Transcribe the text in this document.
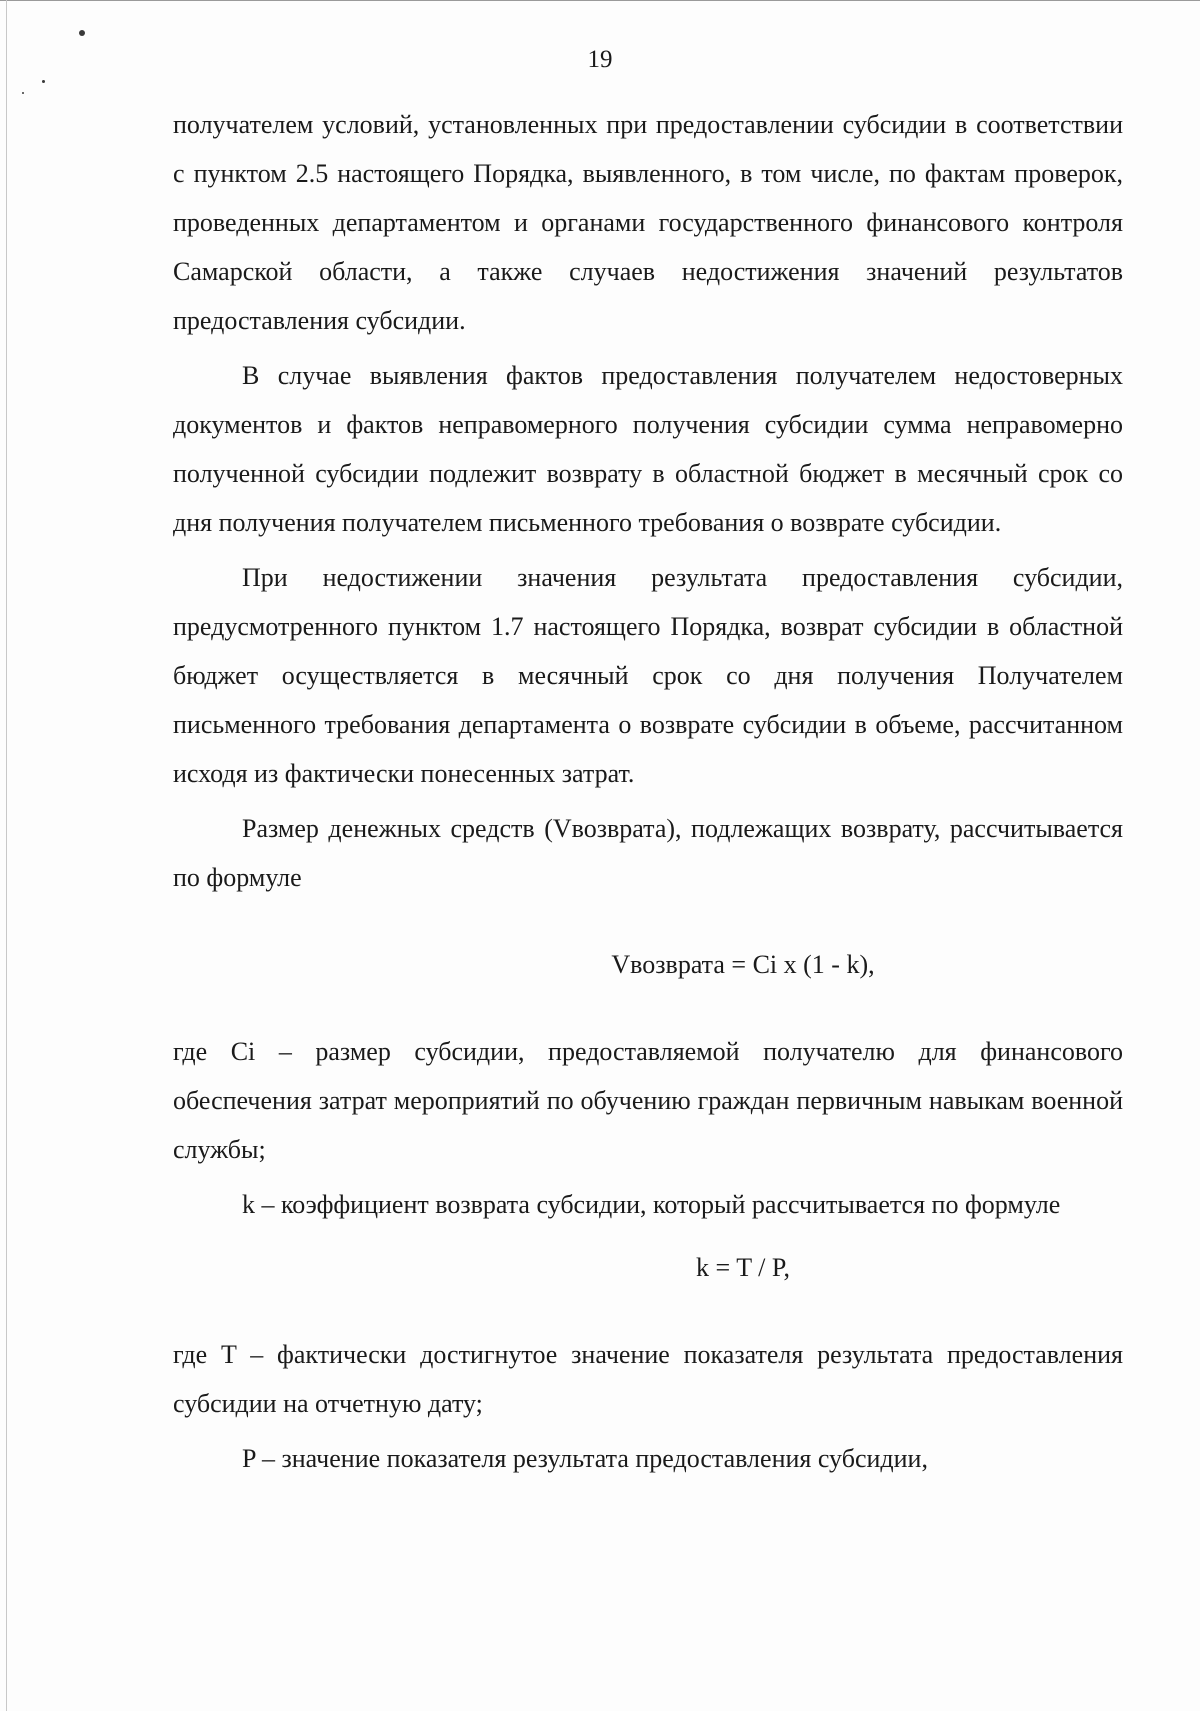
19

получателем условий, установленных при предоставлении субсидии в соответствии с пунктом 2.5 настоящего Порядка, выявленного, в том числе, по фактам проверок, проведенных департаментом и органами государственного финансового контроля Самарской области, а также случаев недостижения значений результатов предоставления субсидии.

В случае выявления фактов предоставления получателем недостоверных документов и фактов неправомерного получения субсидии сумма неправомерно полученной субсидии подлежит возврату в областной бюджет в месячный срок со дня получения получателем письменного требования о возврате субсидии.

При недостижении значения результата предоставления субсидии, предусмотренного пунктом 1.7 настоящего Порядка, возврат субсидии в областной бюджет осуществляется в месячный срок со дня получения Получателем письменного требования департамента о возврате субсидии в объеме, рассчитанном исходя из фактически понесенных затрат.

Размер денежных средств (Vвозврата), подлежащих возврату, рассчитывается по формуле

Vвозврата = Ci x (1 - k),

где Ci – размер субсидии, предоставляемой получателю для финансового обеспечения затрат мероприятий по обучению граждан первичным навыкам военной службы;

k – коэффициент возврата субсидии, который рассчитывается по формуле

k = T / P,

где T – фактически достигнутое значение показателя результата предоставления субсидии на отчетную дату;

P – значение показателя результата предоставления субсидии,
